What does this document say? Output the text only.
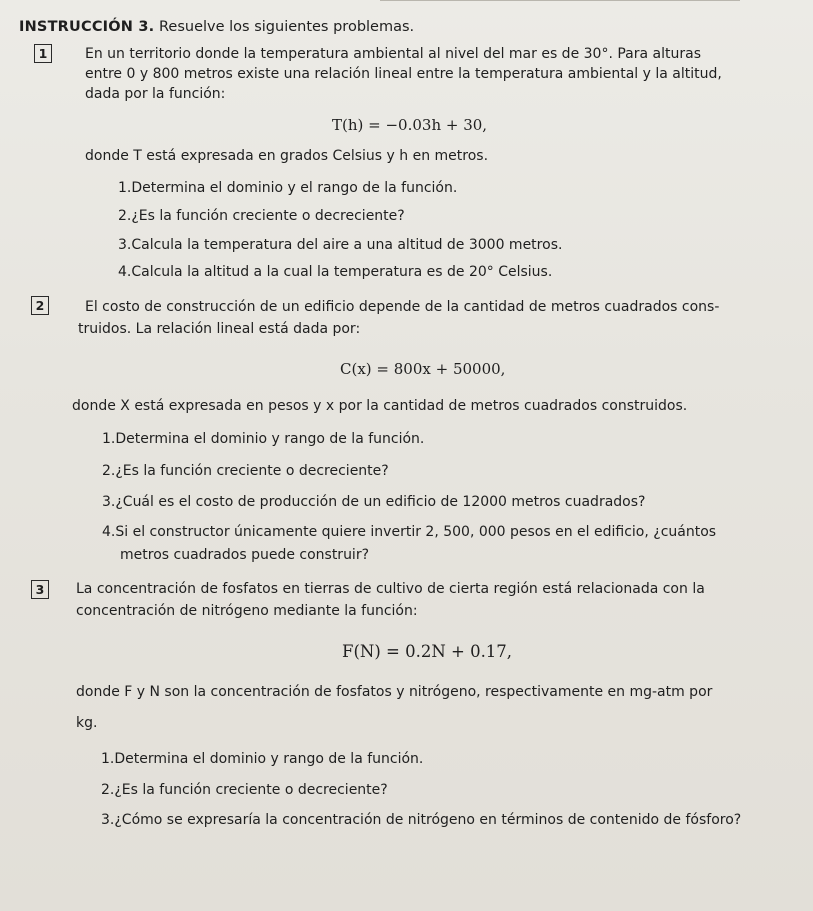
INSTRUCCIÓN 3. Resuelve los siguientes problemas.
1	En un territorio donde la temperatura ambiental al nivel del mar es de 30°. Para alturas
entre 0 y 800 metros existe una relación lineal entre la temperatura ambiental y la altitud,
dada por la función:
T(h) = −0.03h + 30,
donde T está expresada en grados Celsius y h en metros.
1.Determina el dominio y el rango de la función.
2.¿Es la función creciente o decreciente?
3.Calcula la temperatura del aire a una altitud de 3000 metros.
4.Calcula la altitud a la cual la temperatura es de 20° Celsius.
2	El costo de construcción de un edificio depende de la cantidad de metros cuadrados cons-
truidos. La relación lineal está dada por:
C(x) = 800x + 50000,
donde X está expresada en pesos y x por la cantidad de metros cuadrados construidos.
1.Determina el dominio y rango de la función.
2.¿Es la función creciente o decreciente?
3.¿Cuál es el costo de producción de un edificio de 12000 metros cuadrados?
4.Si el constructor únicamente quiere invertir 2, 500, 000 pesos en el edificio, ¿cuántos
metros cuadrados puede construir?
3	La concentración de fosfatos en tierras de cultivo de cierta región está relacionada con la
concentración de nitrógeno mediante la función:
F(N) = 0.2N + 0.17,
donde F y N son la concentración de fosfatos y nitrógeno, respectivamente en mg-atm por
kg.
1.Determina el dominio y rango de la función.
2.¿Es la función creciente o decreciente?
3.¿Cómo se expresaría la concentración de nitrógeno en términos de contenido de fósforo?
